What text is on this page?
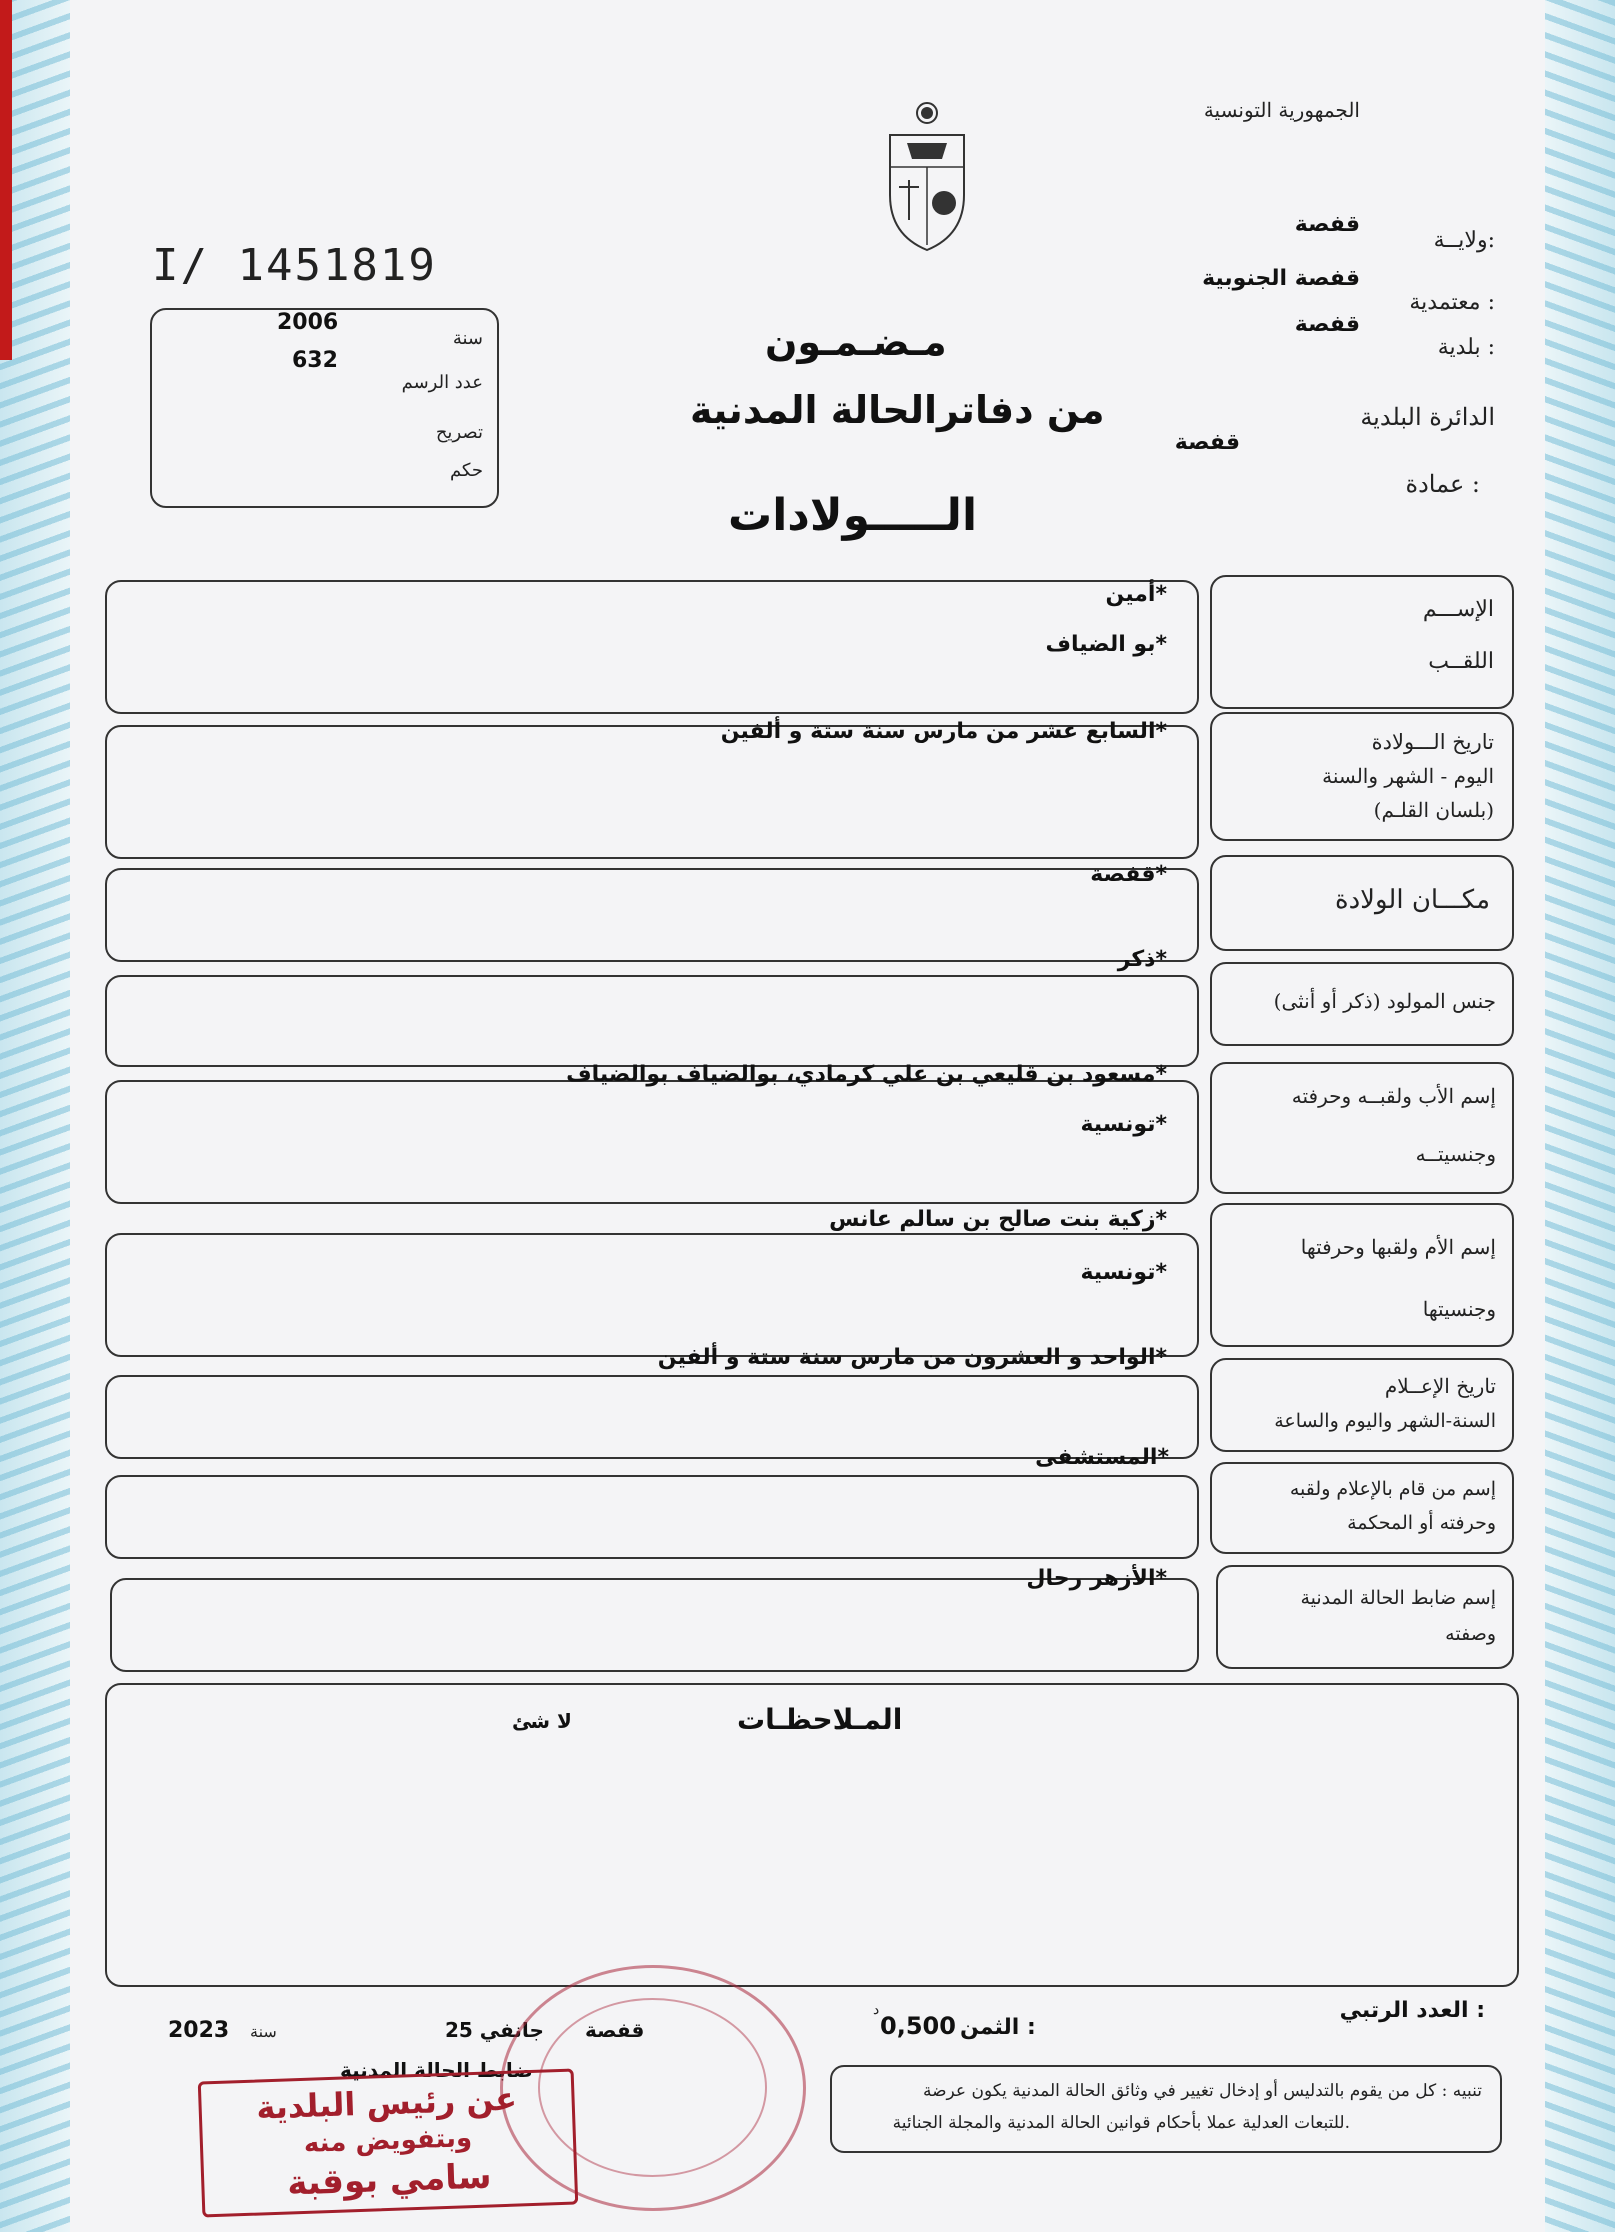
الجمهورية التونسية
ولايــة:
قفصة
معتمدية :
قفصة الجنوبية
بلدية :
قفصة
الدائرة البلدية
قفصة
عمادة :
I/ 1451819
2006
سنة
632
عدد الرسم
تصريح
حكم
مـضـمـون
من دفاترالحالة المدنية
الـــــولادات
الإســـم
اللقــب
أمين*
بو الضياف*
تاريخ الـــولادة
اليوم - الشهر والسنة
(بلسان القلـم)
السابع عشر من مارس سنة ستة و ألفين*
مكـــان الولادة
قفصة*
جنس المولود (ذكر أو أنثى)
ذكر*
إسم الأب ولقبــه وحرفته
وجنسيتــه
مسعود بن قليعي بن علي كرمادي، بوالضياف بوالضياف*
تونسية*
إسم الأم ولقبها وحرفتها
وجنسيتها
زكية بنت صالح بن سالم عانس*
تونسية*
تاريخ الإعــلام
السنة-الشهر واليوم والساعة
الواحد و العشرون من مارس سنة ستة و ألفين*
إسم من قام بالإعلام ولقبه
وحرفته أو المحكمة
المستشفى*
إسم ضابط الحالة المدنية
وصفته
الأزهر رحال*
المـلاحظـات
لا شئ
العدد الرتبي :
الثمن :
0,500
د
قفصة
25 جانفي
سنة
2023
ضابط الحالة المدنية
تنبيه : كل من يقوم بالتدليس أو إدخال تغيير في وثائق الحالة المدنية يكون عرضة
للتبعات العدلية عملا بأحكام قوانين الحالة المدنية والمجلة الجنائية.
عن رئيس البلدية
وبتفويض منه
سامي بوقبة
